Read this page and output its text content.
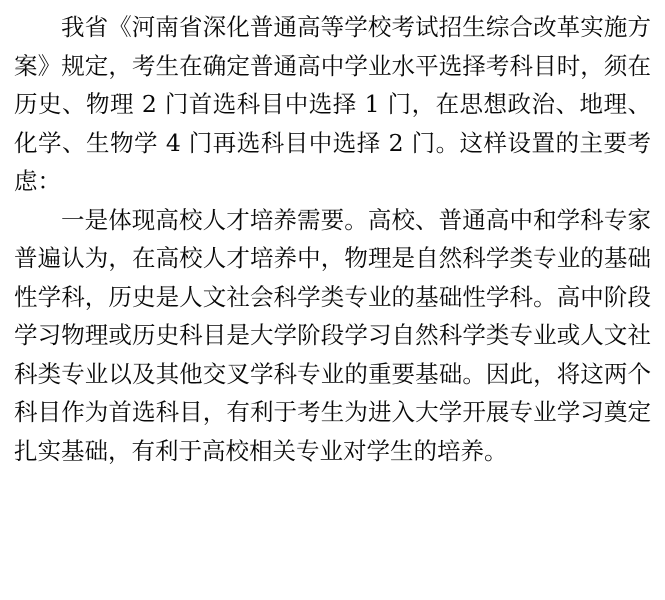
我省《河南省深化普通高等学校考试招生综合改革实施方案》规定，考生在确定普通高中学业水平选择考科目时，须在历史、物理 2 门首选科目中选择 1 门，在思想政治、地理、化学、生物学 4 门再选科目中选择 2 门。这样设置的主要考虑：

一是体现高校人才培养需要。高校、普通高中和学科专家普遍认为，在高校人才培养中，物理是自然科学类专业的基础性学科，历史是人文社会科学类专业的基础性学科。高中阶段学习物理或历史科目是大学阶段学习自然科学类专业或人文社科类专业以及其他交叉学科专业的重要基础。因此，将这两个科目作为首选科目，有利于考生为进入大学开展专业学习奠定扎实基础，有利于高校相关专业对学生的培养。
